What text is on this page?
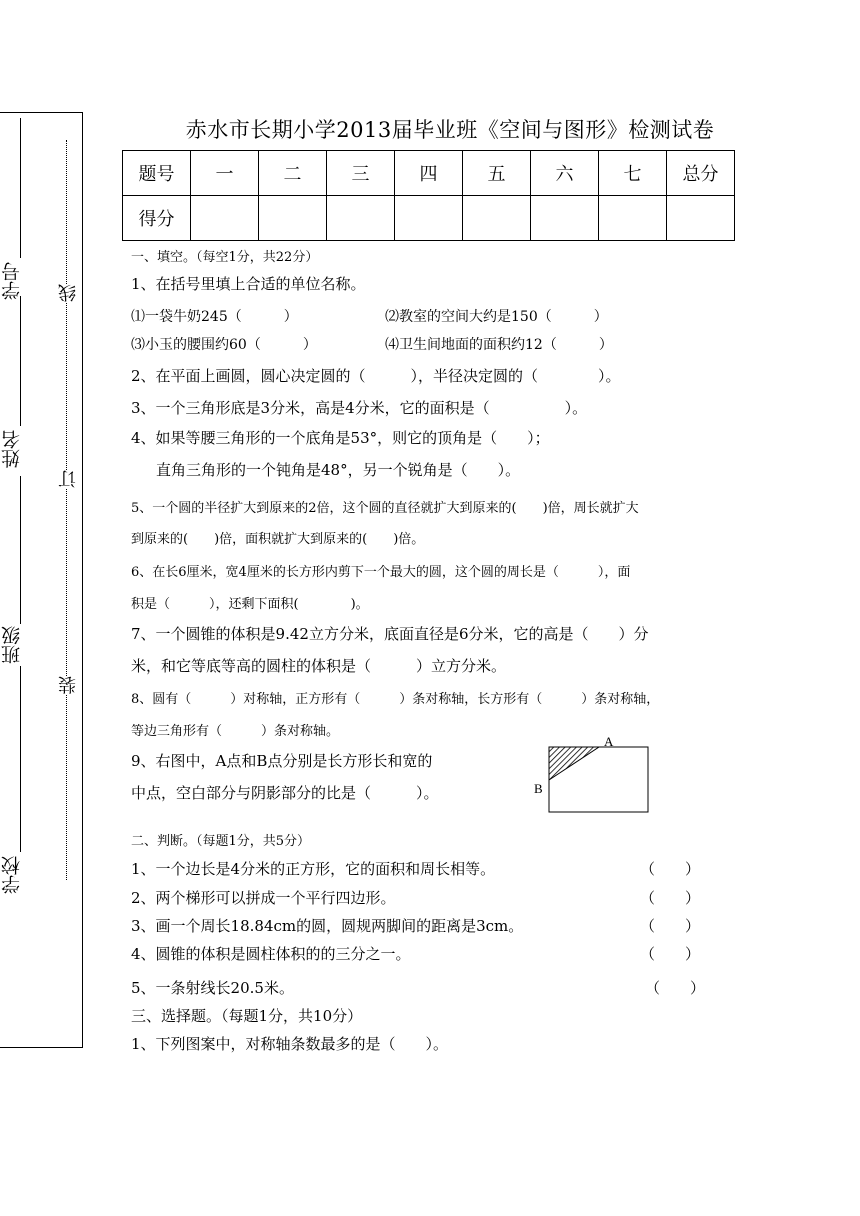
学号
姓名
班级
学校
线
订
装
赤水市长期小学2013届毕业班《空间与图形》检测试卷
题号	一	二	三	四	五	六	七	总分
得分								
一、填空。（每空1分，共22分）
1、在括号里填上合适的单位名称。
⑴一袋牛奶245（　　　）	⑵教室的空间大约是150（　　　）
⑶小玉的腰围约60（　　　）	⑷卫生间地面的面积约12（　　　）
2、在平面上画圆，圆心决定圆的（　　　），半径决定圆的（　　　　）。
3、一个三角形底是3分米，高是4分米，它的面积是（　　　　　）。
4、如果等腰三角形的一个底角是53°，则它的顶角是（　　）；
直角三角形的一个钝角是48°，另一个锐角是（　　）。
5、一个圆的半径扩大到原来的2倍，这个圆的直径就扩大到原来的(　　)倍，周长就扩大
到原来的(　　)倍，面积就扩大到原来的(　　)倍。
6、在长6厘米，宽4厘米的长方形内剪下一个最大的圆，这个圆的周长是（　　　），面
积是（　　　），还剩下面积(　　　　)。
7、一个圆锥的体积是9.42立方分米，底面直径是6分米，它的高是（　　）分
米，和它等底等高的圆柱的体积是（　　　）立方分米。
8、圆有（　　　）对称轴，正方形有（　　　）条对称轴，长方形有（　　　）条对称轴，
等边三角形有（　　　）条对称轴。
9、右图中，A点和B点分别是长方形长和宽的
中点，空白部分与阴影部分的比是（　　　）。
A
B
二、判断。（每题1分，共5分）
1、一个边长是4分米的正方形，它的面积和周长相等。	（　　）
2、两个梯形可以拼成一个平行四边形。	（　　）
3、画一个周长18.84cm的圆，圆规两脚间的距离是3cm。	（　　）
4、圆锥的体积是圆柱体积的的三分之一。	（　　）
5、一条射线长20.5米。	（　　）
三、选择题。（每题1分，共10分）
1、下列图案中，对称轴条数最多的是（　　）。
